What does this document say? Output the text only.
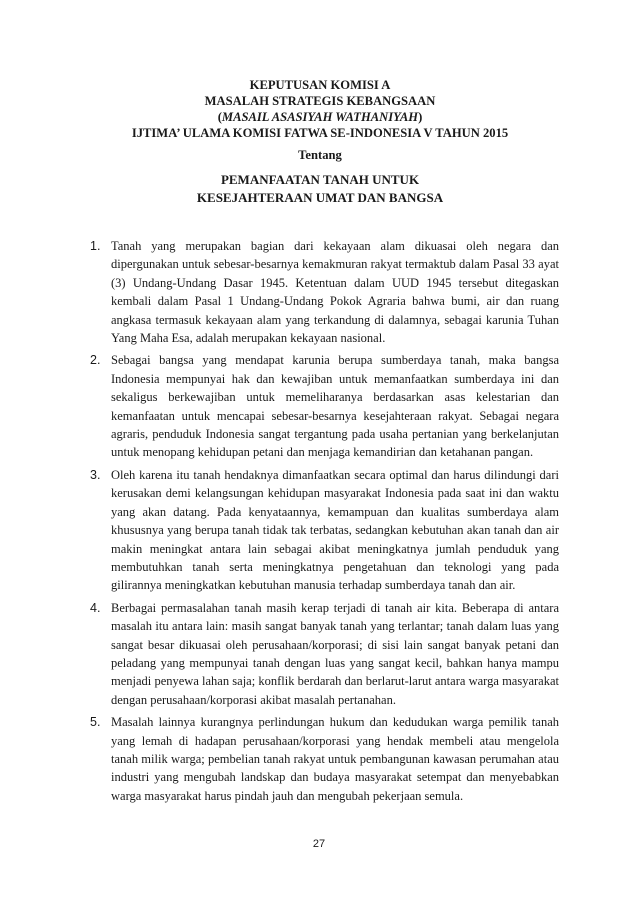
KEPUTUSAN KOMISI A
MASALAH STRATEGIS KEBANGSAAN
(MASAIL ASASIYAH WATHANIYAH)
IJTIMA’ ULAMA KOMISI FATWA SE-INDONESIA V TAHUN 2015
Tentang
PEMANFAATAN TANAH UNTUK
KESEJAHTERAAN UMAT DAN BANGSA
1. Tanah yang merupakan bagian dari kekayaan alam dikuasai oleh negara dan dipergunakan untuk sebesar-besarnya kemakmuran rakyat termaktub dalam Pasal 33 ayat (3) Undang-Undang Dasar 1945. Ketentuan dalam UUD 1945 tersebut ditegaskan kembali dalam Pasal 1 Undang-Undang Pokok Agraria bahwa bumi, air dan ruang angkasa termasuk kekayaan alam yang terkandung di dalamnya, sebagai karunia Tuhan Yang Maha Esa, adalah merupakan kekayaan nasional.
2. Sebagai bangsa yang mendapat karunia berupa sumberdaya tanah, maka bangsa Indonesia mempunyai hak dan kewajiban untuk memanfaatkan sumberdaya ini dan sekaligus berkewajiban untuk memeliharanya berdasarkan asas kelestarian dan kemanfaatan untuk mencapai sebesar-besarnya kesejahteraan rakyat. Sebagai negara agraris, penduduk Indonesia sangat tergantung pada usaha pertanian yang berkelanjutan untuk menopang kehidupan petani dan menjaga kemandirian dan ketahanan pangan.
3. Oleh karena itu tanah hendaknya dimanfaatkan secara optimal dan harus dilindungi dari kerusakan demi kelangsungan kehidupan masyarakat Indonesia pada saat ini dan waktu yang akan datang. Pada kenyataannya, kemampuan dan kualitas sumberdaya alam khususnya yang berupa tanah tidak tak terbatas, sedangkan kebutuhan akan tanah dan air makin meningkat antara lain sebagai akibat meningkatnya jumlah penduduk yang membutuhkan tanah serta meningkatnya pengetahuan dan teknologi yang pada gilirannya meningkatkan kebutuhan manusia terhadap sumberdaya tanah dan air.
4. Berbagai permasalahan tanah masih kerap terjadi di tanah air kita. Beberapa di antara masalah itu antara lain: masih sangat banyak tanah yang terlantar; tanah dalam luas yang sangat besar dikuasai oleh perusahaan/korporasi; di sisi lain sangat banyak petani dan peladang yang mempunyai tanah dengan luas yang sangat kecil, bahkan hanya mampu menjadi penyewa lahan saja; konflik berdarah dan berlarut-larut antara warga masyarakat dengan perusahaan/korporasi akibat masalah pertanahan.
5. Masalah lainnya kurangnya perlindungan hukum dan kedudukan warga pemilik tanah yang lemah di hadapan perusahaan/korporasi yang hendak membeli atau mengelola tanah milik warga; pembelian tanah rakyat untuk pembangunan kawasan perumahan atau industri yang mengubah landskap dan budaya masyarakat setempat dan menyebabkan warga masyarakat harus pindah jauh dan mengubah pekerjaan semula.
27
